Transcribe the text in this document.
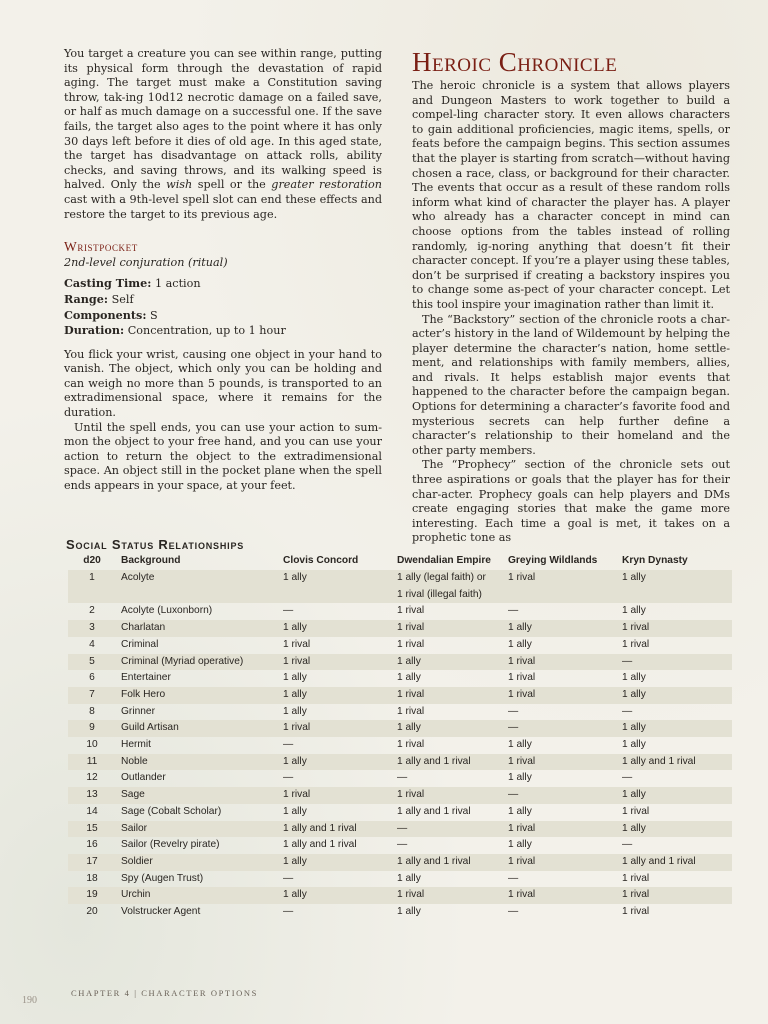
You target a creature you can see within range, putting its physical form through the devastation of rapid aging. The target must make a Constitution saving throw, tak-ing 10d12 necrotic damage on a failed save, or half as much damage on a successful one. If the save fails, the target also ages to the point where it has only 30 days left before it dies of old age. In this aged state, the target has disadvantage on attack rolls, ability checks, and saving throws, and its walking speed is halved. Only the wish spell or the greater restoration cast with a 9th-level spell slot can end these effects and restore the target to its previous age.

Wristpocket
2nd-level conjuration (ritual)
Casting Time: 1 action
Range: Self
Components: S
Duration: Concentration, up to 1 hour

You flick your wrist, causing one object in your hand to vanish. The object, which only you can be holding and can weigh no more than 5 pounds, is transported to an extradimensional space, where it remains for the duration.

Until the spell ends, you can use your action to sum-mon the object to your free hand, and you can use your action to return the object to the extradimensional space. An object still in the pocket plane when the spell ends appears in your space, at your feet.

Heroic Chronicle

The heroic chronicle is a system that allows players and Dungeon Masters to work together to build a compel-ling character story. It even allows characters to gain additional proficiencies, magic items, spells, or feats before the campaign begins. This section assumes that the player is starting from scratch—without having chosen a race, class, or background for their character. The events that occur as a result of these random rolls inform what kind of character the player has. A player who already has a character concept in mind can choose options from the tables instead of rolling randomly, ig-noring anything that doesn’t fit their character concept. If you’re a player using these tables, don’t be surprised if creating a backstory inspires you to change some as-pect of your character concept. Let this tool inspire your imagination rather than limit it.

The “Backstory” section of the chronicle roots a char-acter’s history in the land of Wildemount by helping the player determine the character’s nation, home settle-ment, and relationships with family members, allies, and rivals. It helps establish major events that happened to the character before the campaign began. Options for determining a character’s favorite food and mysterious secrets can help further define a character’s relationship to their homeland and the other party members.

The “Prophecy” section of the chronicle sets out three aspirations or goals that the player has for their char-acter. Prophecy goals can help players and DMs create engaging stories that make the game more interesting. Each time a goal is met, it takes on a prophetic tone as

Social Status Relationships
d20	Background	Clovis Concord	Dwendalian Empire	Greying Wildlands	Kryn Dynasty
1	Acolyte	1 ally	1 ally (legal faith) or	1 rival	1 ally
			1 rival (illegal faith)		
2	Acolyte (Luxonborn)	—	1 rival	—	1 ally
3	Charlatan	1 ally	1 rival	1 ally	1 rival
4	Criminal	1 rival	1 rival	1 ally	1 rival
5	Criminal (Myriad operative)	1 rival	1 ally	1 rival	—
6	Entertainer	1 ally	1 ally	1 rival	1 ally
7	Folk Hero	1 ally	1 rival	1 rival	1 ally
8	Grinner	1 ally	1 rival	—	—
9	Guild Artisan	1 rival	1 ally	—	1 ally
10	Hermit	—	1 rival	1 ally	1 ally
11	Noble	1 ally	1 ally and 1 rival	1 rival	1 ally and 1 rival
12	Outlander	—	—	1 ally	—
13	Sage	1 rival	1 rival	—	1 ally
14	Sage (Cobalt Scholar)	1 ally	1 ally and 1 rival	1 ally	1 rival
15	Sailor	1 ally and 1 rival	—	1 rival	1 ally
16	Sailor (Revelry pirate)	1 ally and 1 rival	—	1 ally	—
17	Soldier	1 ally	1 ally and 1 rival	1 rival	1 ally and 1 rival
18	Spy (Augen Trust)	—	1 ally	—	1 rival
19	Urchin	1 ally	1 rival	1 rival	1 rival
20	Volstrucker Agent	—	1 ally	—	1 rival
CHAPTER 4 | CHARACTER OPTIONS
190
